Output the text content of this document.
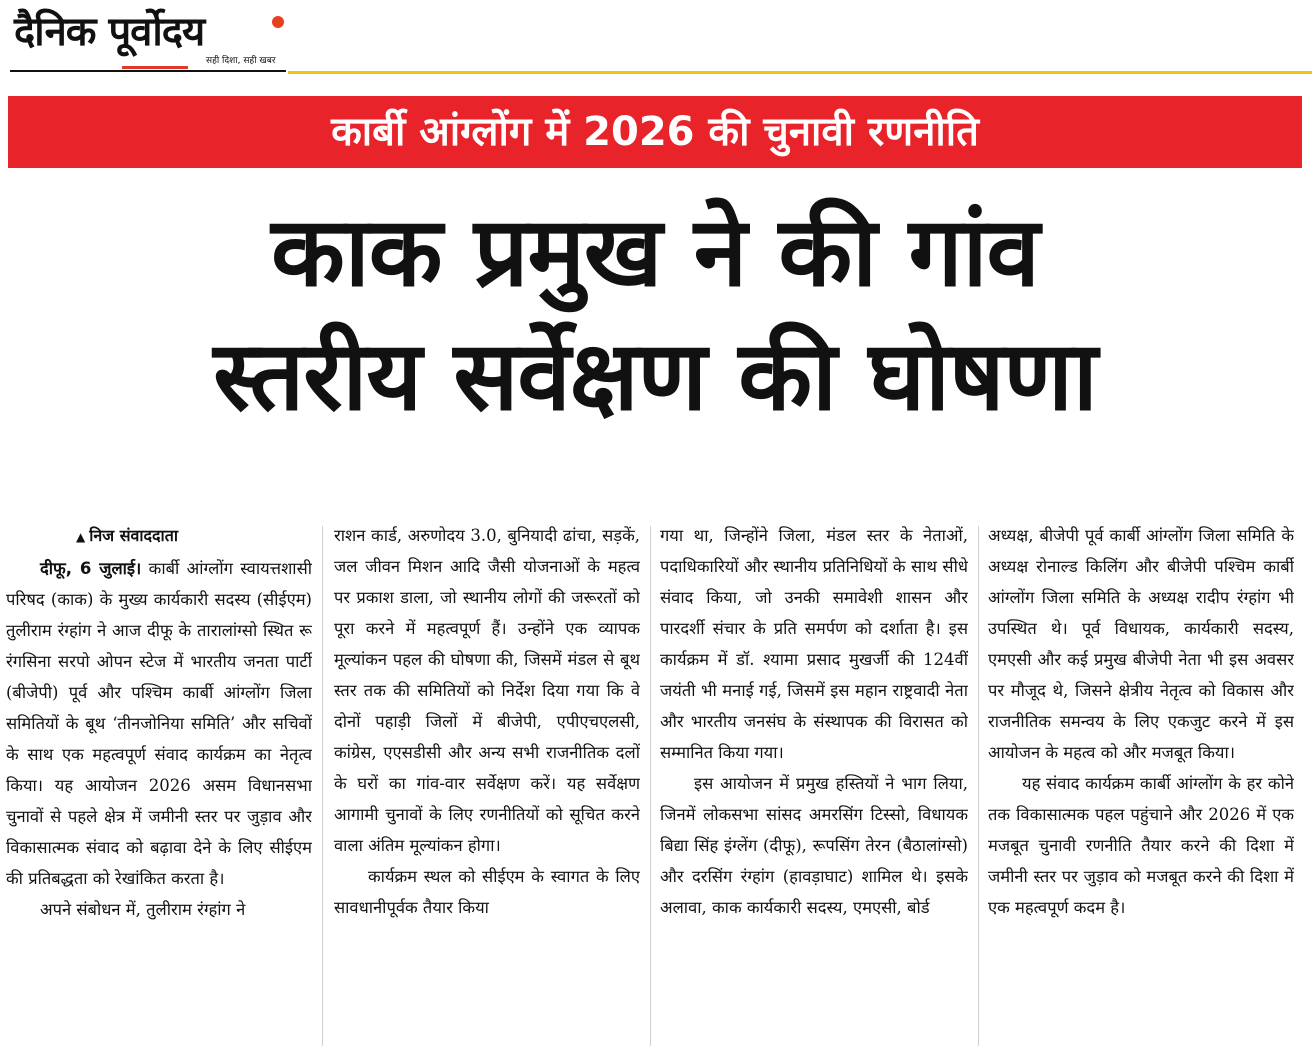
दैनिक पूर्वोदय
सही दिशा, सही खबर
कार्बी आंग्लोंग में 2026 की चुनावी रणनीति
काक प्रमुख ने की गांव
स्तरीय सर्वेक्षण की घोषणा
▲ निज संवाददाता

दीफू, 6 जुलाई। कार्बी आंग्लोंग स्वायत्तशासी परिषद (काक) के मुख्य कार्यकारी सदस्य (सीईएम) तुलीराम रंग्हांग ने आज दीफू के तारालांग्सो स्थित रू रंगसिना सरपो ओपन स्टेज में भारतीय जनता पार्टी (बीजेपी) पूर्व और पश्चिम कार्बी आंग्लोंग जिला समितियों के बूथ ‘तीनजोनिया समिति’ और सचिवों के साथ एक महत्वपूर्ण संवाद कार्यक्रम का नेतृत्व किया। यह आयोजन 2026 असम विधानसभा चुनावों से पहले क्षेत्र में जमीनी स्तर पर जुड़ाव और विकासात्मक संवाद को बढ़ावा देने के लिए सीईएम की प्रतिबद्धता को रेखांकित करता है।

अपने संबोधन में, तुलीराम रंग्हांग ने

राशन कार्ड, अरुणोदय 3.0, बुनियादी ढांचा, सड़कें, जल जीवन मिशन आदि जैसी योजनाओं के महत्व पर प्रकाश डाला, जो स्थानीय लोगों की जरूरतों को पूरा करने में महत्वपूर्ण हैं। उन्होंने एक व्यापक मूल्यांकन पहल की घोषणा की, जिसमें मंडल से बूथ स्तर तक की समितियों को निर्देश दिया गया कि वे दोनों पहाड़ी जिलों में बीजेपी, एपीएचएलसी, कांग्रेस, एएसडीसी और अन्य सभी राजनीतिक दलों के घरों का गांव-वार सर्वेक्षण करें। यह सर्वेक्षण आगामी चुनावों के लिए रणनीतियों को सूचित करने वाला अंतिम मूल्यांकन होगा।

कार्यक्रम स्थल को सीईएम के स्वागत के लिए सावधानीपूर्वक तैयार किया

गया था, जिन्होंने जिला, मंडल स्तर के नेताओं, पदाधिकारियों और स्थानीय प्रतिनिधियों के साथ सीधे संवाद किया, जो उनकी समावेशी शासन और पारदर्शी संचार के प्रति समर्पण को दर्शाता है। इस कार्यक्रम में डॉ. श्यामा प्रसाद मुखर्जी की 124वीं जयंती भी मनाई गई, जिसमें इस महान राष्ट्रवादी नेता और भारतीय जनसंघ के संस्थापक की विरासत को सम्मानित किया गया।

इस आयोजन में प्रमुख हस्तियों ने भाग लिया, जिनमें लोकसभा सांसद अमरसिंग टिस्सो, विधायक बिद्या सिंह इंग्लेंग (दीफू), रूपसिंग तेरन (बैठालांग्सो) और दरसिंग रंग्हांग (हावड़ाघाट) शामिल थे। इसके अलावा, काक कार्यकारी सदस्य, एमएसी, बोर्ड

अध्यक्ष, बीजेपी पूर्व कार्बी आंग्लोंग जिला समिति के अध्यक्ष रोनाल्ड किलिंग और बीजेपी पश्चिम कार्बी आंग्लोंग जिला समिति के अध्यक्ष रादीप रंग्हांग भी उपस्थित थे। पूर्व विधायक, कार्यकारी सदस्य, एमएसी और कई प्रमुख बीजेपी नेता भी इस अवसर पर मौजूद थे, जिसने क्षेत्रीय नेतृत्व को विकास और राजनीतिक समन्वय के लिए एकजुट करने में इस आयोजन के महत्व को और मजबूत किया।

यह संवाद कार्यक्रम कार्बी आंग्लोंग के हर कोने तक विकासात्मक पहल पहुंचाने और 2026 में एक मजबूत चुनावी रणनीति तैयार करने की दिशा में जमीनी स्तर पर जुड़ाव को मजबूत करने की दिशा में एक महत्वपूर्ण कदम है।
